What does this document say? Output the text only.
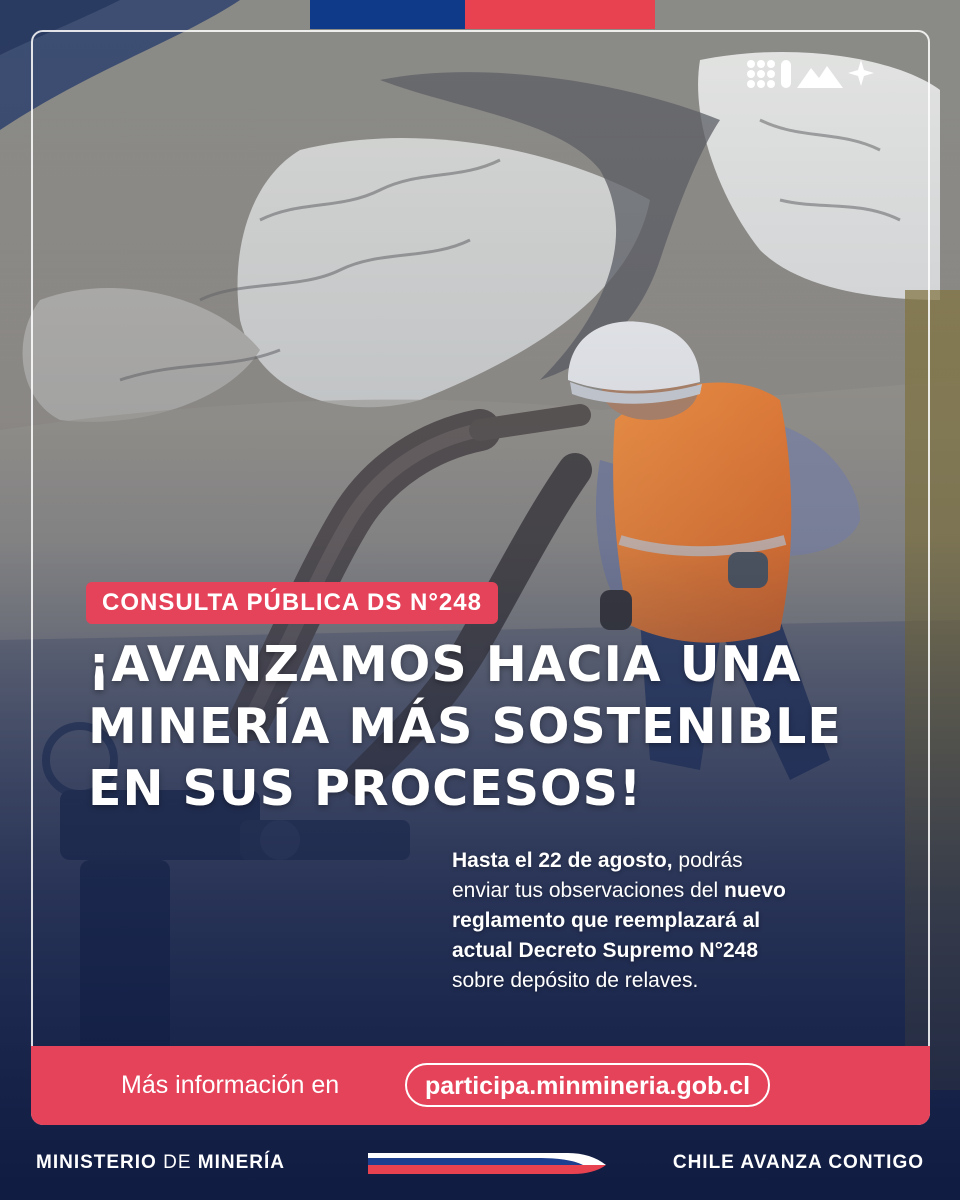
CONSULTA PÚBLICA DS N°248
¡AVANZAMOS HACIA UNA
MINERÍA MÁS SOSTENIBLE
EN SUS PROCESOS!
Hasta el 22 de agosto, podrás
enviar tus observaciones del nuevo
reglamento que reemplazará al
actual Decreto Supremo N°248
sobre depósito de relaves.
Más información en	participa.minmineria.gob.cl
MINISTERIO DE MINERÍA	CHILE AVANZA CONTIGO
